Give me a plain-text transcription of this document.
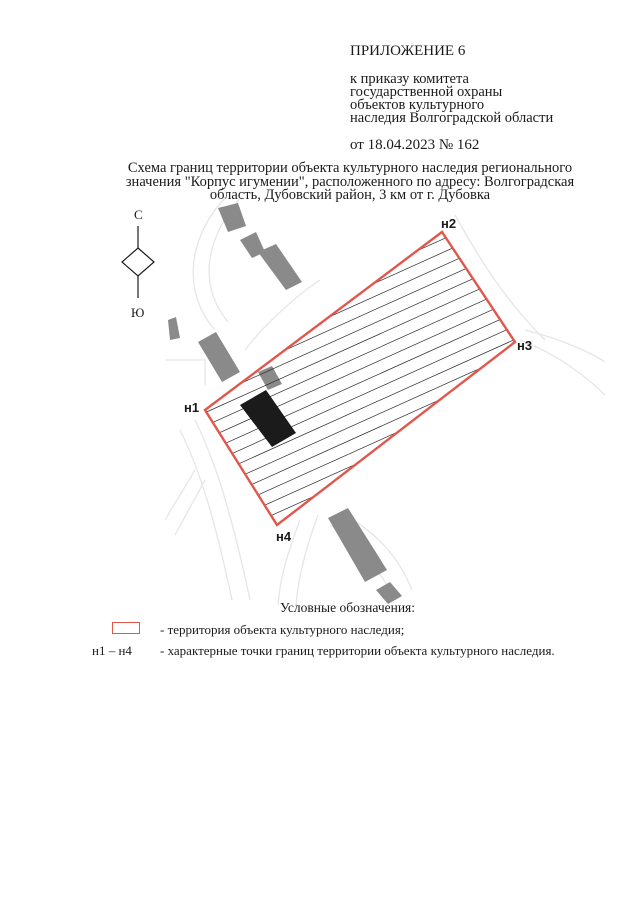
ПРИЛОЖЕНИЕ 6
к приказу комитета
государственной охраны
объектов культурного
наследия Волгоградской области
от 18.04.2023 № 162
Схема границ территории объекта культурного наследия регионального
значения "Корпус игумении", расположенного по адресу: Волгоградская
область, Дубовский район, 3 км от г. Дубовка
н1
н2
н3
н4
С
Ю
Условные обозначения:
- территория объекта культурного наследия;
н1 – н4 - характерные точки границ территории объекта культурного наследия.
